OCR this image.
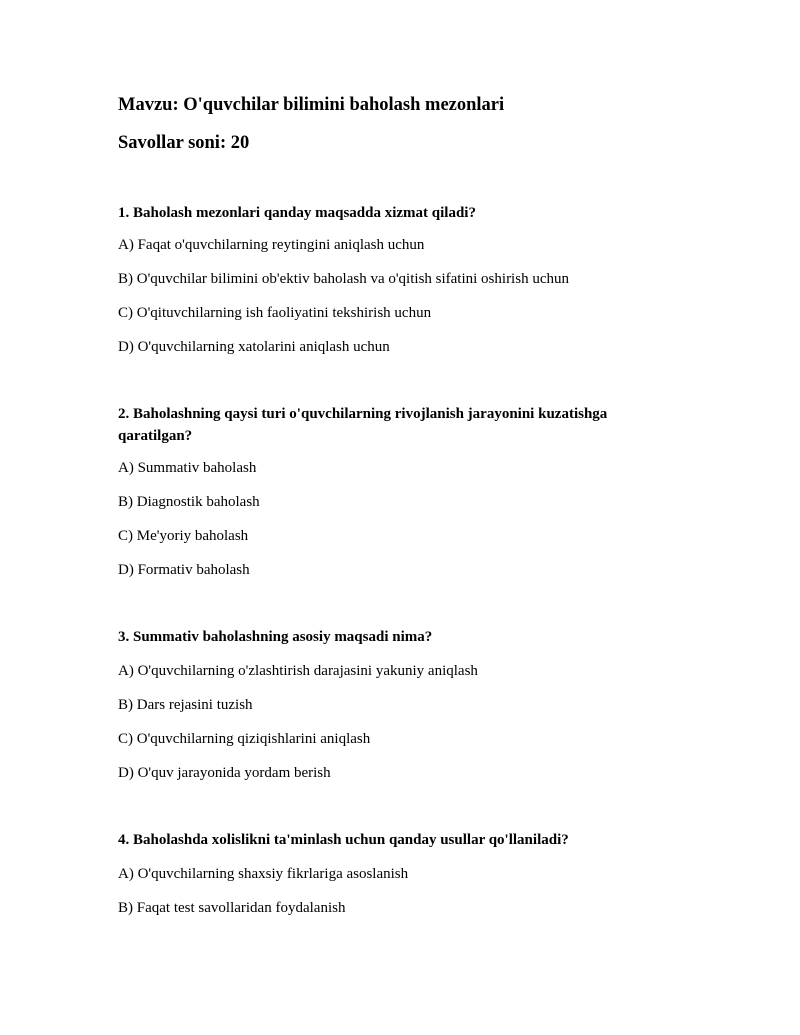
Mavzu: O'quvchilar bilimini baholash mezonlari
Savollar soni: 20
1. Baholash mezonlari qanday maqsadda xizmat qiladi?
A) Faqat o'quvchilarning reytingini aniqlash uchun
B) O'quvchilar bilimini ob'ektiv baholash va o'qitish sifatini oshirish uchun
C) O'qituvchilarning ish faoliyatini tekshirish uchun
D) O'quvchilarning xatolarini aniqlash uchun
2. Baholashning qaysi turi o'quvchilarning rivojlanish jarayonini kuzatishga qaratilgan?
A) Summativ baholash
B) Diagnostik baholash
C) Me'yoriy baholash
D) Formativ baholash
3. Summativ baholashning asosiy maqsadi nima?
A) O'quvchilarning o'zlashtirish darajasini yakuniy aniqlash
B) Dars rejasini tuzish
C) O'quvchilarning qiziqishlarini aniqlash
D) O'quv jarayonida yordam berish
4. Baholashda xolislikni ta'minlash uchun qanday usullar qo'llaniladi?
A) O'quvchilarning shaxsiy fikrlariga asoslanish
B) Faqat test savollaridan foydalanish
